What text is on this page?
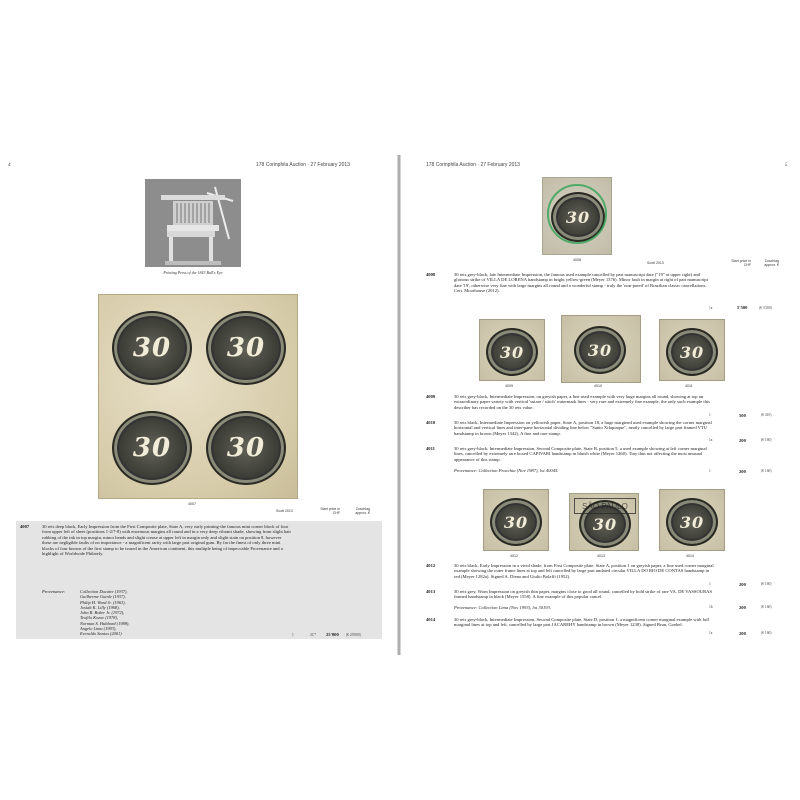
4	178 Corinphila Auction · 27 February 2013
Printing Press of the 1843 Bull's Eye
30	30
30	30
4007
Scott 2013	Start price in CHF
Zuschlag approx. €
4007	30 reis deep black, Early Impression from the First Composite plate, State A, very early printing-the famous mint corner block of four from upper left of sheet (positions 1-2/7-8) with enormous margins all round and in a very deep vibrant shade, showing from slight hair rubbing of the ink in top margin, minor bends and slight crease at upper left in margin only and slight stain on position 8, however these are negligible faults of no importance - a magnificent rarity with large part original gum. By far the finest of only three mint blocks of four known of the first stamp to be issued in the American continent, this multiple being of impeccable Provenance and a highlight of Worldwide Philately.
Provenance:	Collection Ducaire (1937),
Guilherme Guinle (1937),
Philip H. Ward Jr. (1963),
Josiah K. Lilly (1968),
John R. Boker Jr. (1972),
Teofilo Kozov (1978),
Norman S. Hubbard (1988),
Angelo Lima (1993),
Everaldo Santos (2001)	1	2C* 25'000 (€ 20'000)
178 Corinphila Auction · 27 February 2013	5
30
4008
Scott 2013	Start price in CHF
Zuschlag approx. €
4008	30 reis grey-black, late Intermediate Impression, the famous used example cancelled by part manuscript date ("19" at upper right) and glorious strike of VILLA DE LORENA handstamp in bright yellow-green (Meyer 1376). Minor fault in margin at right of part manuscript date '19', otherwise very fine with large margins all round and a wonderful stamp - truly the 'non-pareil' of Brazilian classic cancellations. Cert. Moorhouse (2012).
1a	5'500	(€ 3'200)
30	30	30
4009	4010	4011
4009	30 reis grey-black, Intermediate Impression, on greyish paper, a fine used example with very large margins all round, showing at top an extraordinary paper variety with vertical 'sutare / stitch' watermark lines - very rare and extremely fine example, the only such example this describer has recorded on the 30 reis value.
1	500	(€ 410)
4010	30 reis black, Intermediate Impression on yellowish paper, State A, position 18, a huge margined used example showing the corner marginal horizontal and vertical lines and inter-pane horizontal dividing line below "Santo Xifapiaque", neatly cancelled by large part framed VTU handstamp in brown (Meyer 1342). A fine and rare stamp.
1a	200	(€ 160)
4011	30 reis grey-black, Intermediate Impression, Second Composite plate, State B, position 5, a used example showing at left corner marginal lines, cancelled by extremely rare boxed CAPIVARI handstamp in bluish white (Meyer 1260). Tiny thin not affecting the most unusual appearance of this stamp.
Provenance: Collection Pracchia (Nov 1987), lot 40045.	1	200	(€ 160)
30	30
SÃO PAULO
30
4012	4013	4014
4012	30 reis black, Early Impression in a vivid shade, from First Composite plate, State A, position 1 on greyish paper, a fine used corner marginal example showing the outer frame lines at top and left cancelled by large part undated circular VILLA DO RIO DE CONTAS handstamp in red (Meyer 1282a). Signed A. Diena and Giulio Bolaffi (1952).
1	200	(€ 160)
4013	30 reis grey, Worn Impression on greyish thin paper, margins close to good all round, cancelled by bold strike of rare VA. DE VASSOURAS framed handstamp in black (Meyer 1558). A fine example of this popular cancel.
Provenance: Collection Lima (Nov 1993), lot 30193.	1b	200	(€ 160)
4014	30 reis grey-black, Intermediate Impression, Second Composite plate, State D, position 1, a magnificent corner marginal example with full marginal lines at top and left, cancelled by large part JACAREHY handstamp in brown (Meyer 1238). Signed Brun, Goebel.
1a	200	(€ 160)
